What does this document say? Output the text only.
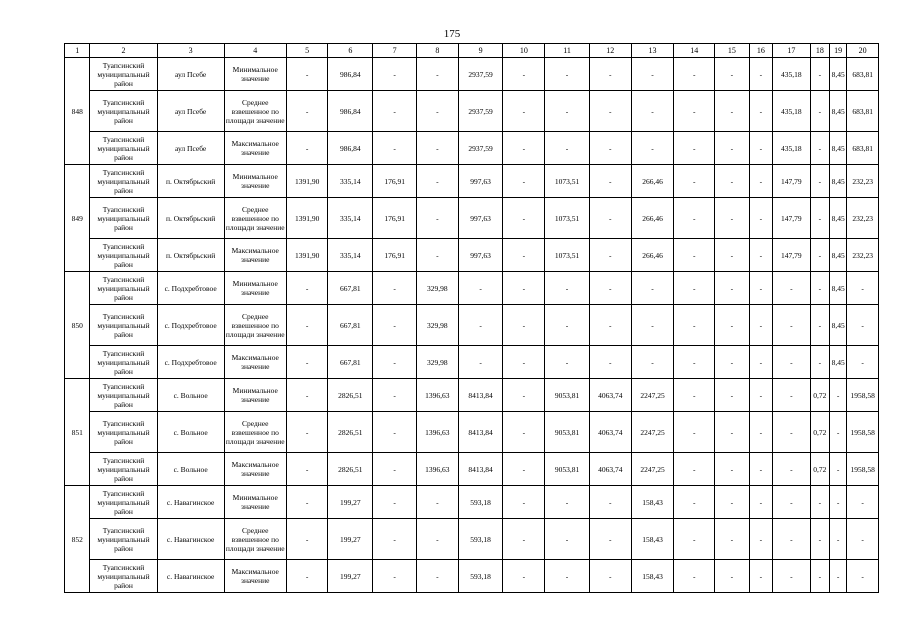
175
1	2	3	4	5	6	7	8	9	10	11	12	13	14	15	16	17	18	19	20
848	Туапсинский муниципальный район	аул Псебе	Минимальное значение	-	986,84	-	-	2937,59	-	-	-	-	-	-	-	435,18	-	8,45	683,81
	Туапсинский муниципальный район	аул Псебе	Среднее взвешенное по площади значение	-	986,84	-	-	2937,59	-	-	-	-	-	-	-	435,18	-	8,45	683,81
	Туапсинский муниципальный район	аул Псебе	Максимальное значение	-	986,84	-	-	2937,59	-	-	-	-	-	-	-	435,18	-	8,45	683,81
849	Туапсинский муниципальный район	п. Октябрьский	Минимальное значение	1391,90	335,14	176,91	-	997,63	-	1073,51	-	266,46	-	-	-	147,79	-	8,45	232,23
	Туапсинский муниципальный район	п. Октябрьский	Среднее взвешенное по площади значение	1391,90	335,14	176,91	-	997,63	-	1073,51	-	266,46	-	-	-	147,79	-	8,45	232,23
	Туапсинский муниципальный район	п. Октябрьский	Максимальное значение	1391,90	335,14	176,91	-	997,63	-	1073,51	-	266,46	-	-	-	147,79	-	8,45	232,23
850	Туапсинский муниципальный район	с. Подхребтовое	Минимальное значение	-	667,81	-	329,98	-	-	-	-	-	-	-	-	-	-	8,45	-
	Туапсинский муниципальный район	с. Подхребтовое	Среднее взвешенное по площади значение	-	667,81	-	329,98	-	-	-	-	-	-	-	-	-	-	8,45	-
	Туапсинский муниципальный район	с. Подхребтовое	Максимальное значение	-	667,81	-	329,98	-	-	-	-	-	-	-	-	-	-	8,45	-
851	Туапсинский муниципальный район	с. Вольное	Минимальное значение	-	2826,51	-	1396,63	8413,84	-	9053,81	4063,74	2247,25	-	-	-	-	0,72	-	1958,58
	Туапсинский муниципальный район	с. Вольное	Среднее взвешенное по площади значение	-	2826,51	-	1396,63	8413,84	-	9053,81	4063,74	2247,25	-	-	-	-	0,72	-	1958,58
	Туапсинский муниципальный район	с. Вольное	Максимальное значение	-	2826,51	-	1396,63	8413,84	-	9053,81	4063,74	2247,25	-	-	-	-	0,72	-	1958,58
852	Туапсинский муниципальный район	с. Навагинское	Минимальное значение	-	199,27	-	-	593,18	-	-	-	158,43	-	-	-	-	-	-	-
	Туапсинский муниципальный район	с. Навагинское	Среднее взвешенное по площади значение	-	199,27	-	-	593,18	-	-	-	158,43	-	-	-	-	-	-	-
	Туапсинский муниципальный район	с. Навагинское	Максимальное значение	-	199,27	-	-	593,18	-	-	-	158,43	-	-	-	-	-	-	-
